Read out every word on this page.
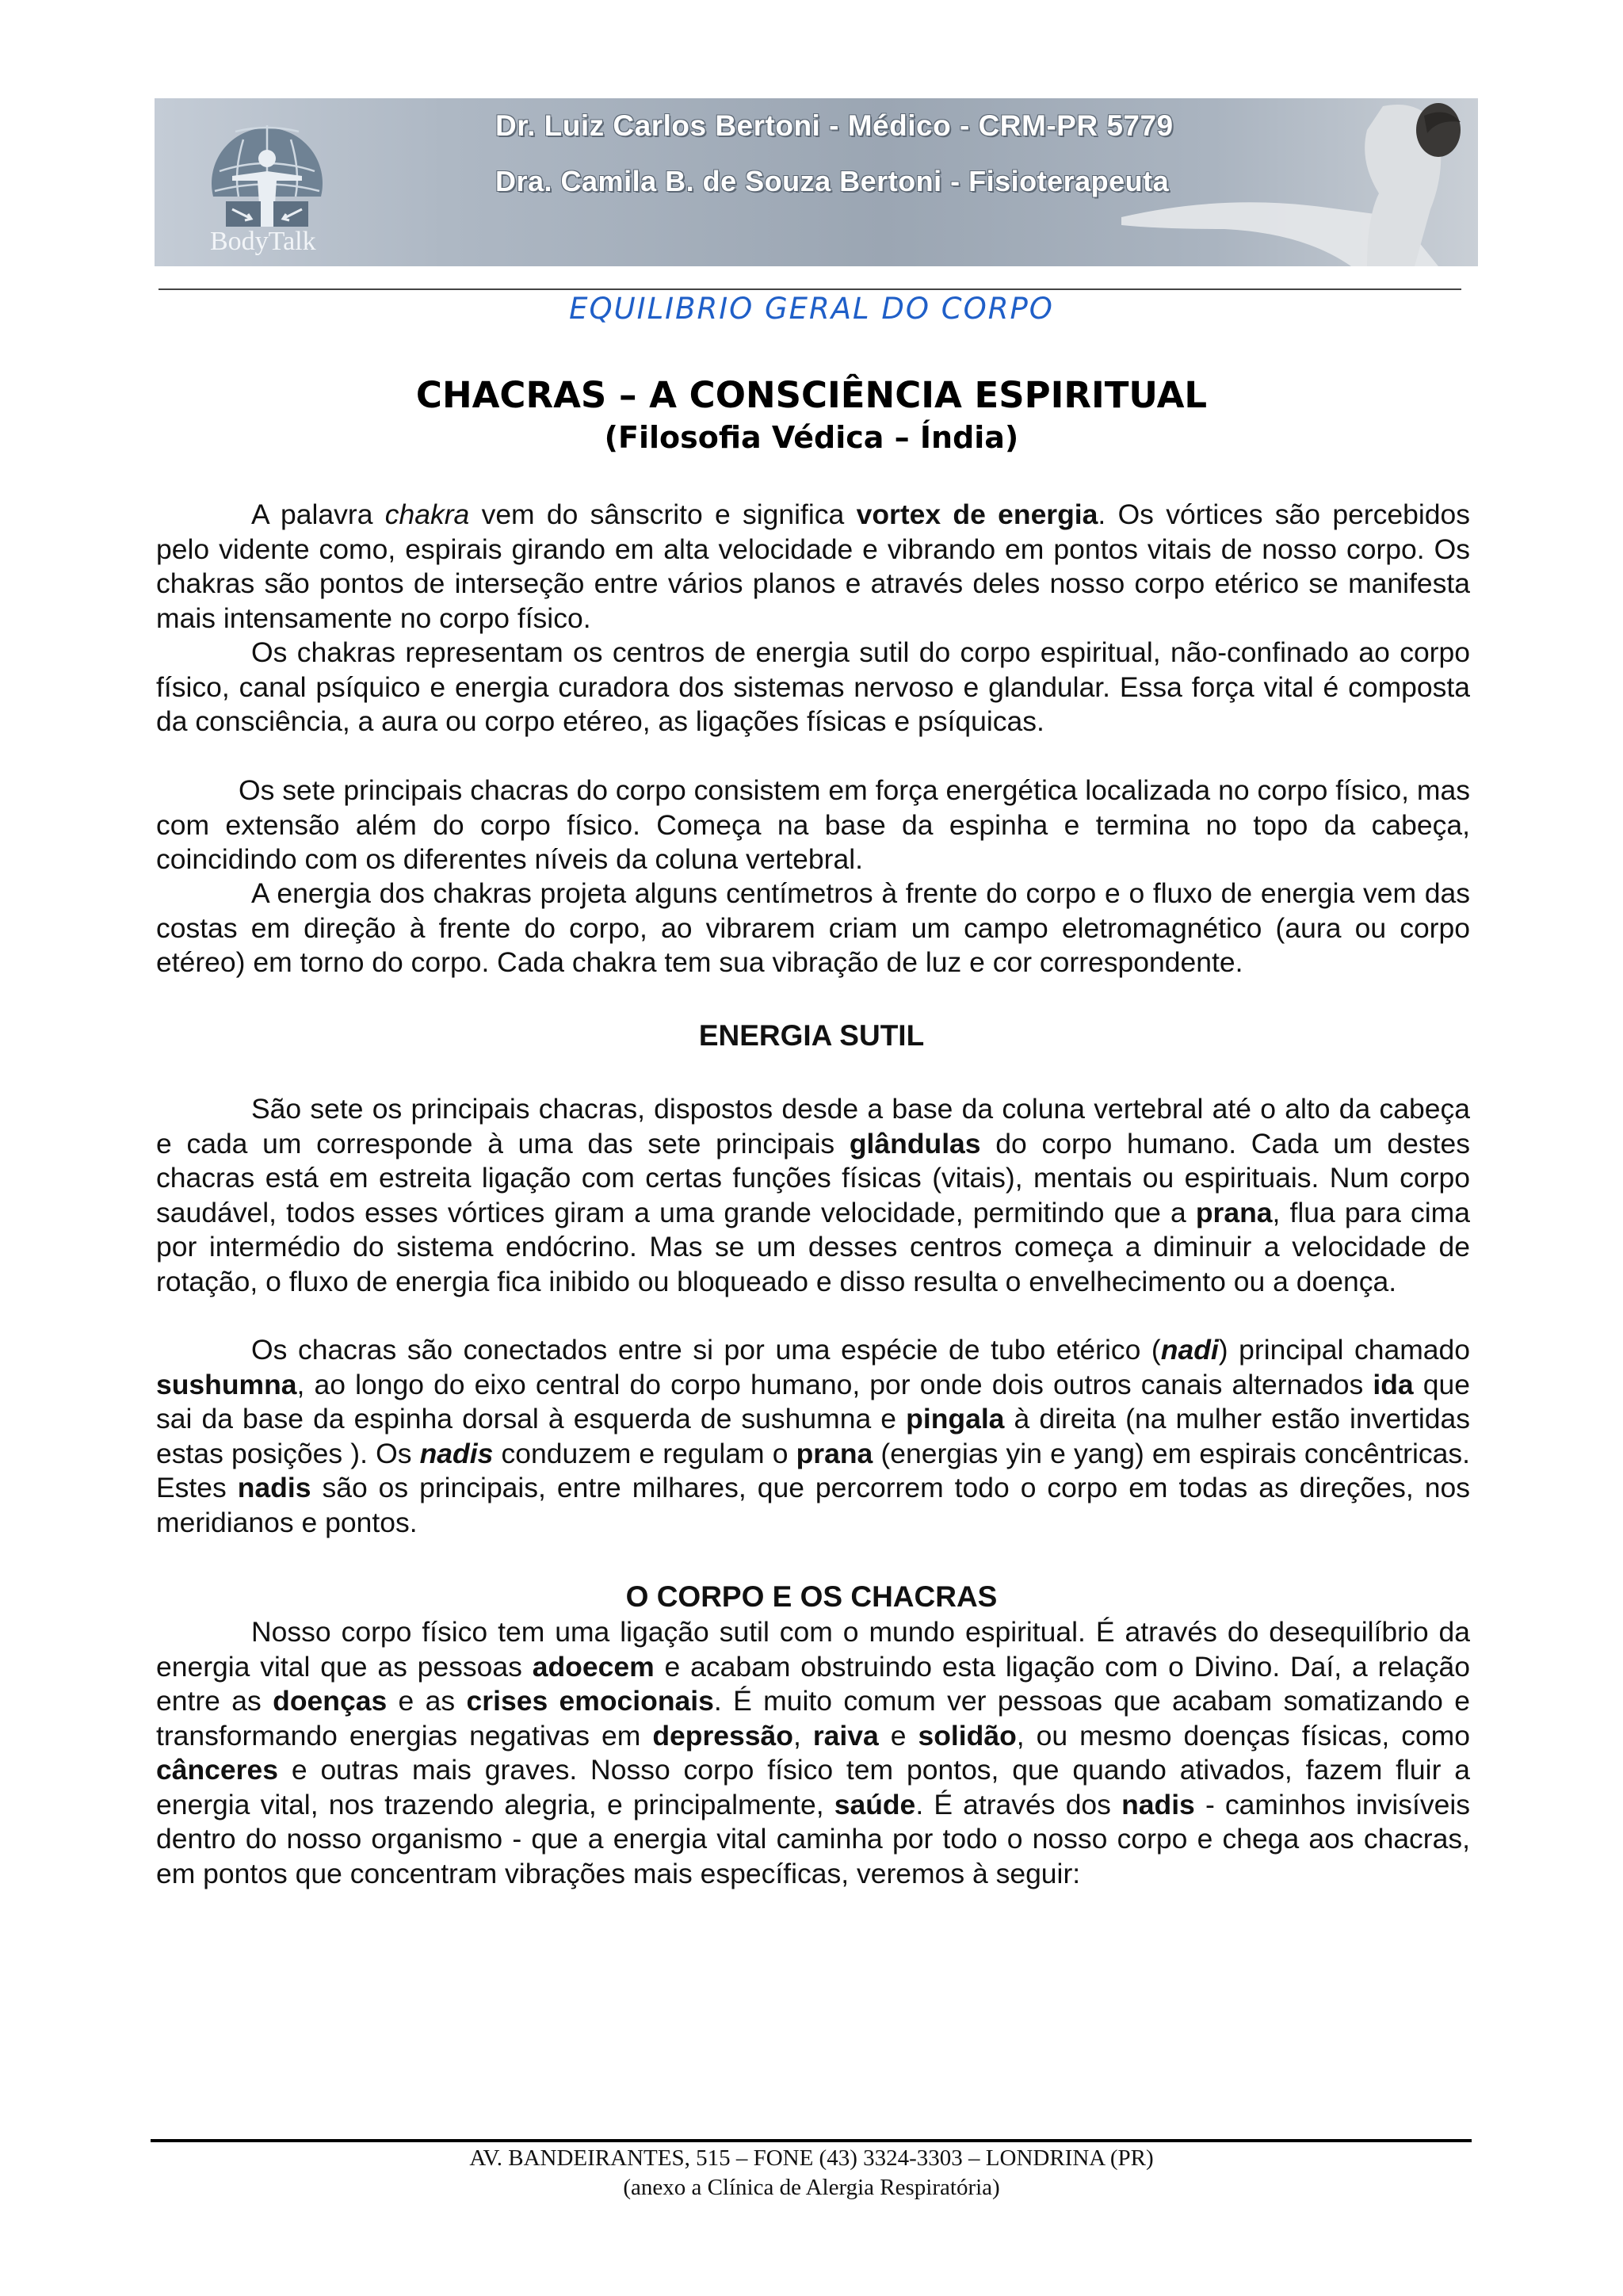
BodyTalk
Dr. Luiz Carlos Bertoni - Médico - CRM-PR 5779
Dra. Camila B. de Souza Bertoni - Fisioterapeuta
EQUILIBRIO GERAL DO CORPO
CHACRAS – A CONSCIÊNCIA ESPIRITUAL
(Filosofia Védica – Índia)

A palavra chakra vem do sânscrito e significa vortex de energia. Os vórtices são percebidos pelo vidente como, espirais girando em alta velocidade e vibrando em pontos vitais de nosso corpo. Os chakras são pontos de interseção entre vários planos e através deles nosso corpo etérico se manifesta mais intensamente no corpo físico.

Os chakras representam os centros de energia sutil do corpo espiritual, não-confinado ao corpo físico, canal psíquico e energia curadora dos sistemas nervoso e glandular. Essa força vital é composta da consciência, a aura ou corpo etéreo, as ligações físicas e psíquicas.

Os sete principais chacras do corpo consistem em força energética localizada no corpo físico, mas com extensão além do corpo físico. Começa na base da espinha e termina no topo da cabeça, coincidindo com os diferentes níveis da coluna vertebral.

A energia dos chakras projeta alguns centímetros à frente do corpo e o fluxo de energia vem das costas em direção à frente do corpo, ao vibrarem criam um campo eletromagnético (aura ou corpo etéreo) em torno do corpo. Cada chakra tem sua vibração de luz e cor correspondente.

ENERGIA SUTIL

São sete os principais chacras, dispostos desde a base da coluna vertebral até o alto da cabeça e cada um corresponde à uma das sete principais glândulas do corpo humano. Cada um destes chacras está em estreita ligação com certas funções físicas (vitais), mentais ou espirituais. Num corpo saudável, todos esses vórtices giram a uma grande velocidade, permitindo que a prana, flua para cima por intermédio do sistema endócrino. Mas se um desses centros começa a diminuir a velocidade de rotação, o fluxo de energia fica inibido ou bloqueado e disso resulta o envelhecimento ou a doença.

Os chacras são conectados entre si por uma espécie de tubo etérico (nadi) principal chamado sushumna, ao longo do eixo central do corpo humano, por onde dois outros canais alternados ida que sai da base da espinha dorsal à esquerda de sushumna e pingala à direita (na mulher estão invertidas estas posições ). Os nadis conduzem e regulam o prana (energias yin e yang) em espirais concêntricas. Estes nadis são os principais, entre milhares, que percorrem todo o corpo em todas as direções, nos meridianos e pontos.

O CORPO E OS CHACRAS

Nosso corpo físico tem uma ligação sutil com o mundo espiritual. É através do desequilíbrio da energia vital que as pessoas adoecem e acabam obstruindo esta ligação com o Divino. Daí, a relação entre as doenças e as crises emocionais. É muito comum ver pessoas que acabam somatizando e transformando energias negativas em depressão, raiva e solidão, ou mesmo doenças físicas, como cânceres e outras mais graves. Nosso corpo físico tem pontos, que quando ativados, fazem fluir a energia vital, nos trazendo alegria, e principalmente, saúde. É através dos nadis - caminhos invisíveis dentro do nosso organismo - que a energia vital caminha por todo o nosso corpo e chega aos chacras, em pontos que concentram vibrações mais específicas, veremos à seguir:

AV. BANDEIRANTES, 515 – FONE (43) 3324-3303 – LONDRINA (PR)
(anexo a Clínica de Alergia Respiratória)
